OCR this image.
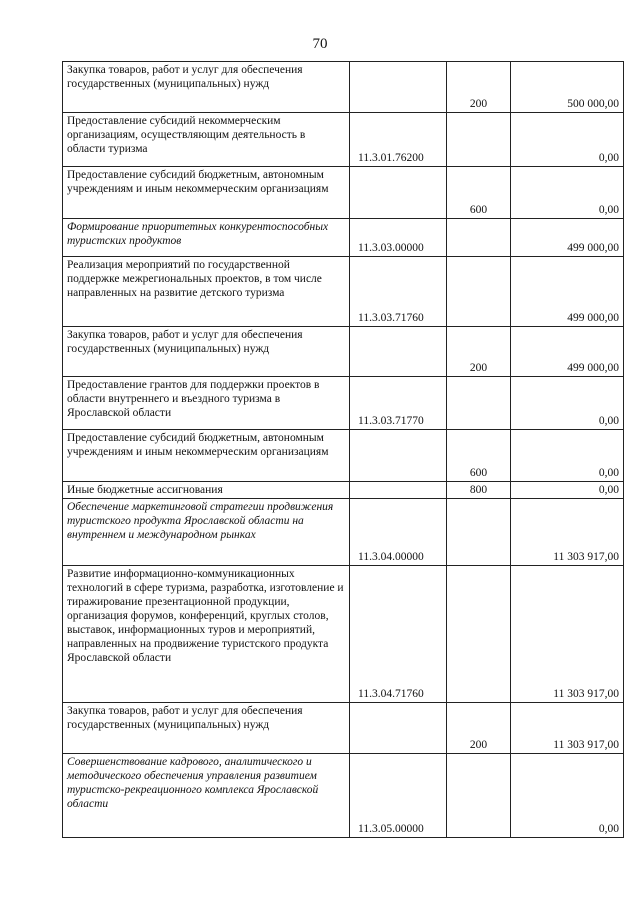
70
Закупка товаров, работ и услуг для обеспечения государственных (муниципальных) нужд		200	500 000,00
Предоставление субсидий некоммерческим организациям, осуществляющим деятельность в области туризма	11.3.01.76200		0,00
Предоставление субсидий бюджетным, автономным учреждениям и иным некоммерческим организациям		600	0,00
Формирование приоритетных конкурентоспособных туристских продуктов	11.3.03.00000		499 000,00
Реализация мероприятий по государственной поддержке межрегиональных проектов, в том числе направленных на развитие детского туризма	11.3.03.71760		499 000,00
Закупка товаров, работ и услуг для обеспечения государственных (муниципальных) нужд		200	499 000,00
Предоставление грантов для поддержки проектов в области внутреннего и въездного туризма в Ярославской области	11.3.03.71770		0,00
Предоставление субсидий бюджетным, автономным учреждениям и иным некоммерческим организациям		600	0,00
Иные бюджетные ассигнования		800	0,00
Обеспечение маркетинговой стратегии продвижения туристского продукта Ярославской области на внутреннем и международном рынках	11.3.04.00000		11 303 917,00
Развитие информационно-коммуникационных технологий в сфере туризма, разработка, изготовление и тиражирование презентационной продукции, организация форумов, конференций, круглых столов, выставок, информационных туров и мероприятий, направленных на продвижение туристского продукта Ярославской области	11.3.04.71760		11 303 917,00
Закупка товаров, работ и услуг для обеспечения государственных (муниципальных) нужд		200	11 303 917,00
Совершенствование кадрового, аналитического и методического обеспечения управления развитием туристско-рекреационного комплекса Ярославской области	11.3.05.00000		0,00
